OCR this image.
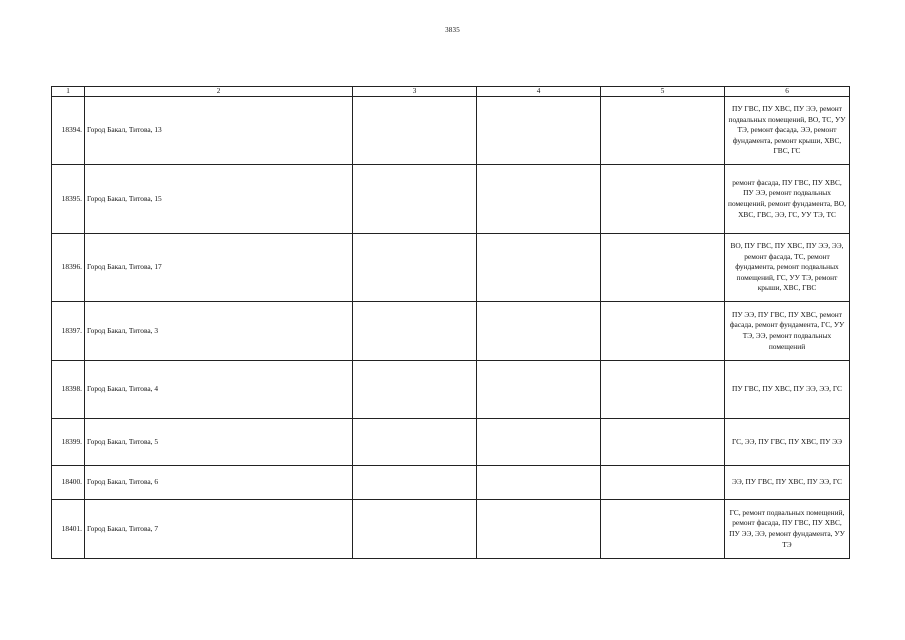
3835
1	2	3	4	5	6
18394.	Город Бакал, Титова, 13				ПУ ГВС, ПУ ХВС, ПУ ЭЭ, ремонт подвальных помещений, ВО, ТС, УУ ТЭ, ремонт фасада, ЭЭ, ремонт фундамента, ремонт крыши, ХВС, ГВС, ГС
18395.	Город Бакал, Титова, 15				ремонт фасада, ПУ ГВС, ПУ ХВС, ПУ ЭЭ, ремонт подвальных помещений, ремонт фундамента, ВО, ХВС, ГВС, ЭЭ, ГС, УУ ТЭ, ТС
18396.	Город Бакал, Титова, 17				ВО, ПУ ГВС, ПУ ХВС, ПУ ЭЭ, ЭЭ, ремонт фасада, ТС, ремонт фундамента, ремонт подвальных помещений, ГС, УУ ТЭ, ремонт крыши, ХВС, ГВС
18397.	Город Бакал, Титова, 3				ПУ ЭЭ, ПУ ГВС, ПУ ХВС, ремонт фасада, ремонт фундамента, ГС, УУ ТЭ, ЭЭ, ремонт подвальных помещений
18398.	Город Бакал, Титова, 4				ПУ ГВС, ПУ ХВС, ПУ ЭЭ, ЭЭ, ГС
18399.	Город Бакал, Титова, 5				ГС, ЭЭ, ПУ ГВС, ПУ ХВС, ПУ ЭЭ
18400.	Город Бакал, Титова, 6				ЭЭ, ПУ ГВС, ПУ ХВС, ПУ ЭЭ, ГС
18401.	Город Бакал, Титова, 7				ГС, ремонт подвальных помещений, ремонт фасада, ПУ ГВС, ПУ ХВС, ПУ ЭЭ, ЭЭ, ремонт фундамента, УУ ТЭ
